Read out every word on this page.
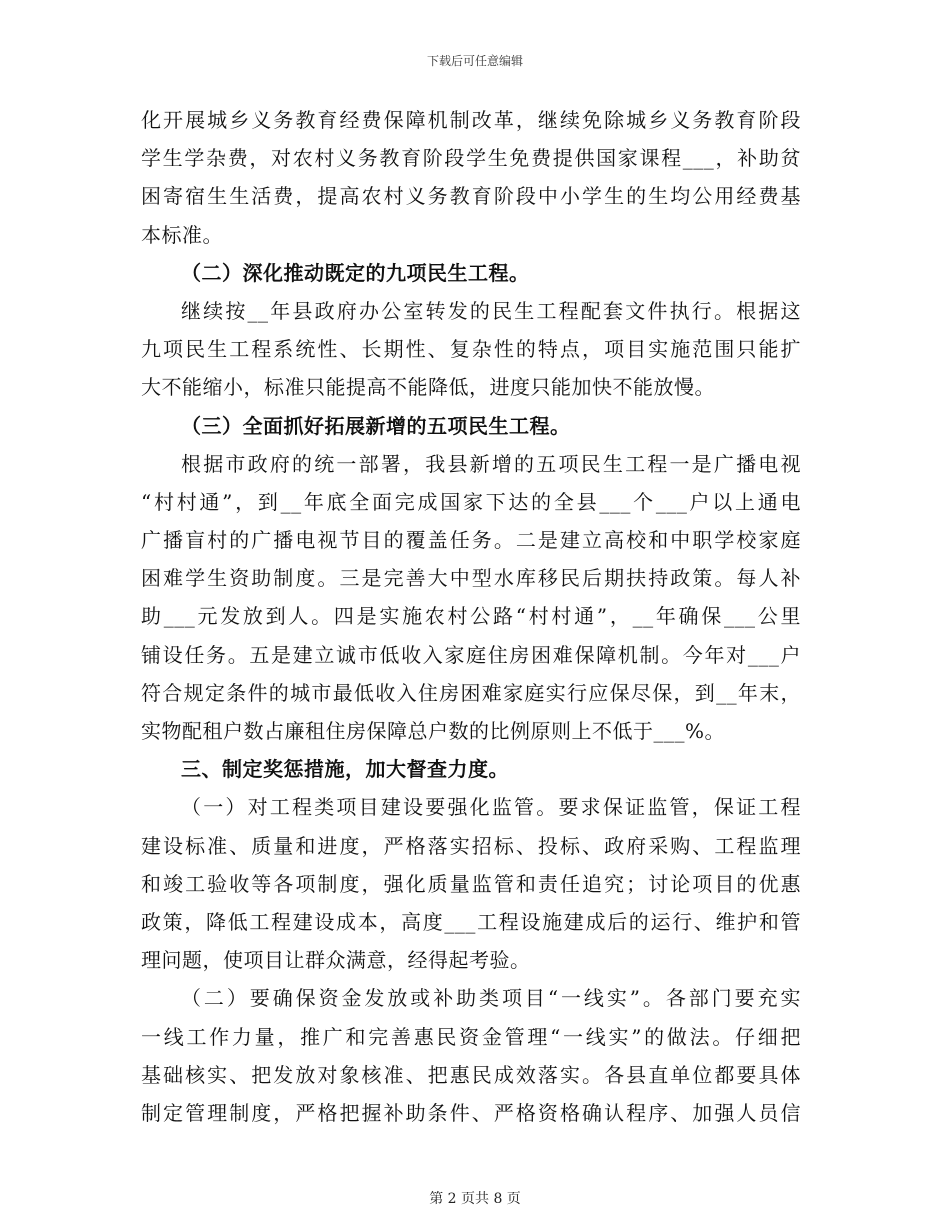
下载后可任意编辑
化开展城乡义务教育经费保障机制改革，继续免除城乡义务教育阶段
学生学杂费，对农村义务教育阶段学生免费提供国家课程___，补助贫
困寄宿生生活费，提高农村义务教育阶段中小学生的生均公用经费基
本标准。
（二）深化推动既定的九项民生工程。
继续按__年县政府办公室转发的民生工程配套文件执行。根据这
九项民生工程系统性、长期性、复杂性的特点，项目实施范围只能扩
大不能缩小，标准只能提高不能降低，进度只能加快不能放慢。
（三）全面抓好拓展新增的五项民生工程。
根据市政府的统一部署，我县新增的五项民生工程一是广播电视
“村村通”，到__年底全面完成国家下达的全县___个___户以上通电
广播盲村的广播电视节目的覆盖任务。二是建立高校和中职学校家庭
困难学生资助制度。三是完善大中型水库移民后期扶持政策。每人补
助___元发放到人。四是实施农村公路“村村通”，__年确保___公里
铺设任务。五是建立诚市低收入家庭住房困难保障机制。今年对___户
符合规定条件的城市最低收入住房困难家庭实行应保尽保，到__年末，
实物配租户数占廉租住房保障总户数的比例原则上不低于___%。
三、制定奖惩措施，加大督查力度。
（一）对工程类项目建设要强化监管。要求保证监管，保证工程
建设标准、质量和进度，严格落实招标、投标、政府采购、工程监理
和竣工验收等各项制度，强化质量监管和责任追究；讨论项目的优惠
政策，降低工程建设成本，高度___工程设施建成后的运行、维护和管
理问题，使项目让群众满意，经得起考验。
（二）要确保资金发放或补助类项目“一线实”。各部门要充实
一线工作力量，推广和完善惠民资金管理“一线实”的做法。仔细把
基础核实、把发放对象核准、把惠民成效落实。各县直单位都要具体
制定管理制度，严格把握补助条件、严格资格确认程序、加强人员信
第 2 页共 8 页
